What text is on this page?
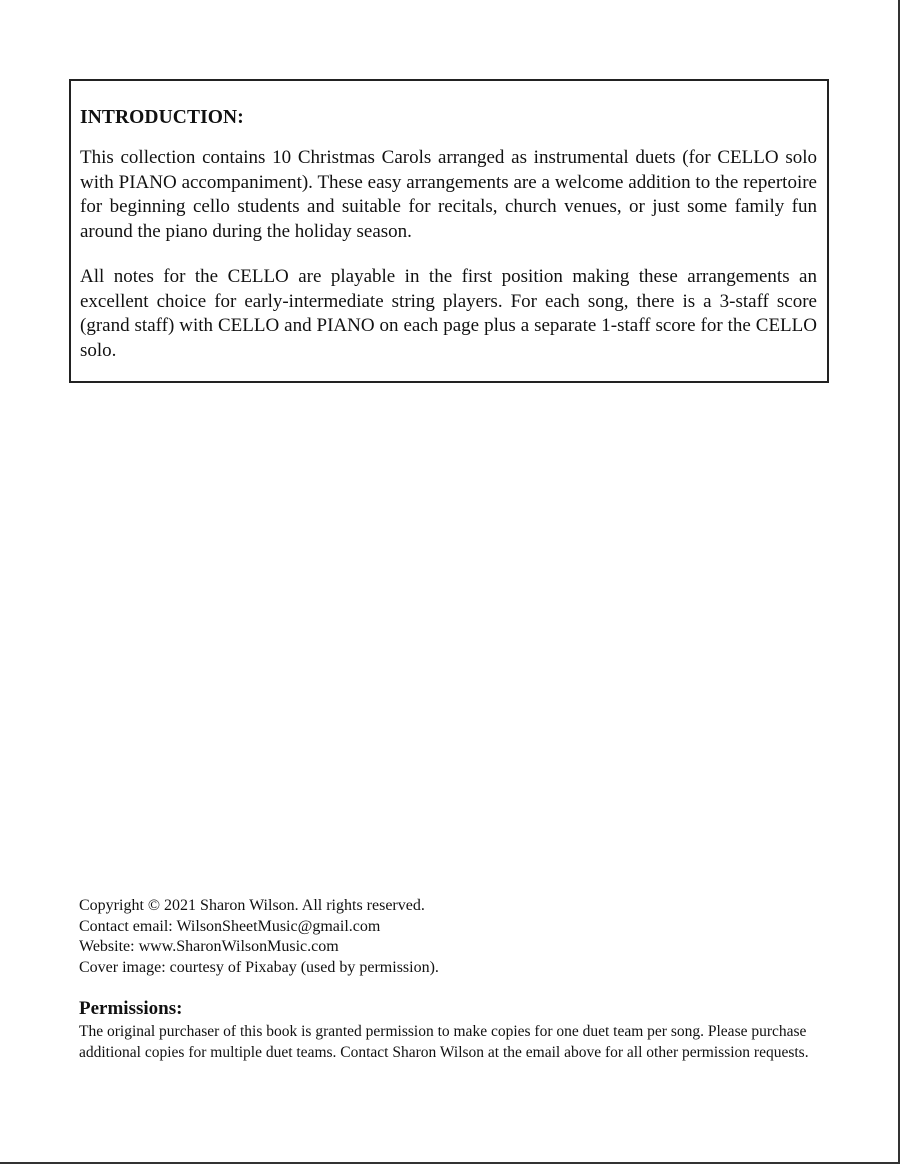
INTRODUCTION:

This collection contains 10 Christmas Carols arranged as instrumental duets (for CELLO solo with PIANO accompaniment). These easy arrangements are a welcome addition to the repertoire for beginning cello students and suitable for recitals, church venues, or just some family fun around the piano during the holiday season.

All notes for the CELLO are playable in the first position making these arrangements an excellent choice for early-intermediate string players. For each song, there is a 3-staff score (grand staff) with CELLO and PIANO on each page plus a separate 1-staff score for the CELLO solo.

Copyright © 2021 Sharon Wilson. All rights reserved.

Contact email: WilsonSheetMusic@gmail.com

Website: www.SharonWilsonMusic.com

Cover image: courtesy of Pixabay (used by permission).

Permissions:

The original purchaser of this book is granted permission to make copies for one duet team per song. Please purchase additional copies for multiple duet teams. Contact Sharon Wilson at the email above for all other permission requests.
